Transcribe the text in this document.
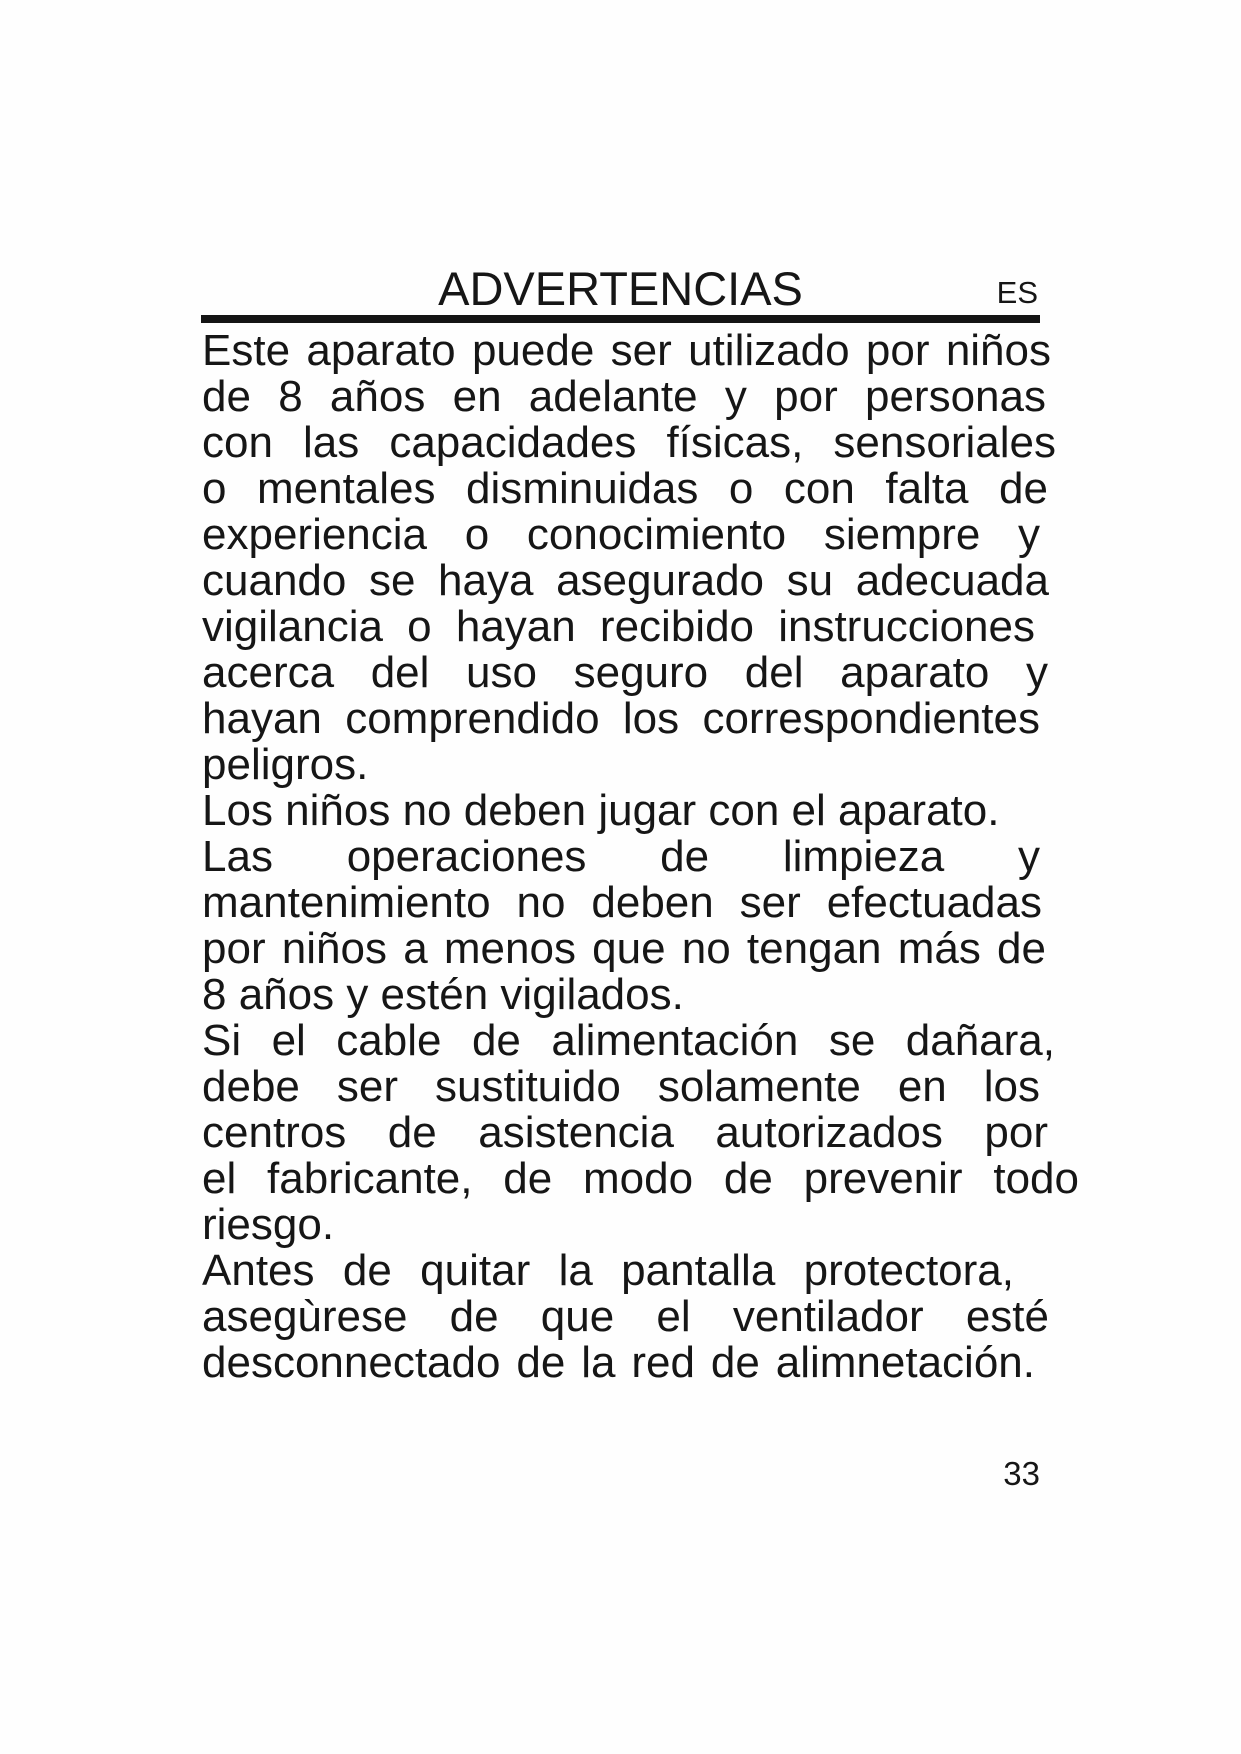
ADVERTENCIAS	ES
Este aparato puede ser utilizado por niños
de 8 años en adelante y por personas
con las capacidades físicas, sensoriales
o mentales disminuidas o con falta de
experiencia o conocimiento siempre y
cuando se haya asegurado su adecuada
vigilancia o hayan recibido instrucciones
acerca del uso seguro del aparato y
hayan comprendido los correspondientes
peligros.
Los niños no deben jugar con el aparato.
Las operaciones de limpieza y
mantenimiento no deben ser efectuadas
por niños a menos que no tengan más de
8 años y estén vigilados.
Si el cable de alimentación se dañara,
debe ser sustituido solamente en los
centros de asistencia autorizados por
el fabricante, de modo de prevenir todo
riesgo.
Antes de quitar la pantalla protectora,
asegùrese de que el ventilador esté
desconnectado de la red de alimnetación.
33
